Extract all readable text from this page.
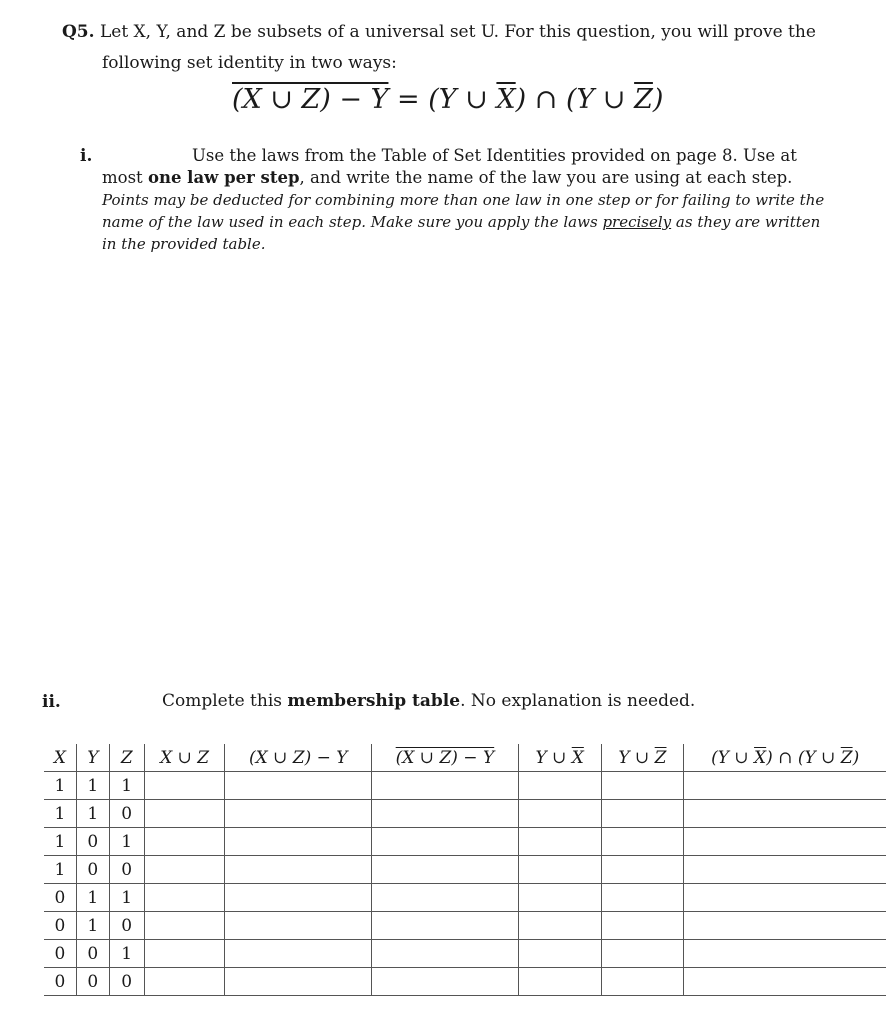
Q5. Let X, Y, and Z be subsets of a universal set U. For this question, you will prove the
following set identity in two ways:
(X ∪ Z) − Y = (Y ∪ $\overline{X}$) ∩ (Y ∪ $\overline{Z}$)
i.	Use the laws from the Table of Set Identities provided on page 8. Use at most one law per step, and write the name of the law you are using at each step. Points may be deducted for combining more than one law in one step or for failing to write the name of the law used in each step. Make sure you apply the laws precisely as they are written in the provided table.
ii.	Complete this membership table. No explanation is needed.
X	Y	Z	X ∪ Z	(X ∪ Z) − Y	(X ∪ Z) − Y	Y ∪ $\overline{X}$	Y ∪ $\overline{Z}$	(Y ∪ $\overline{X}$) ∩ (Y ∪ $\overline{Z}$)
1	1	1						
1	1	0						
1	0	1						
1	0	0						
0	1	1						
0	1	0						
0	0	1						
0	0	0						
